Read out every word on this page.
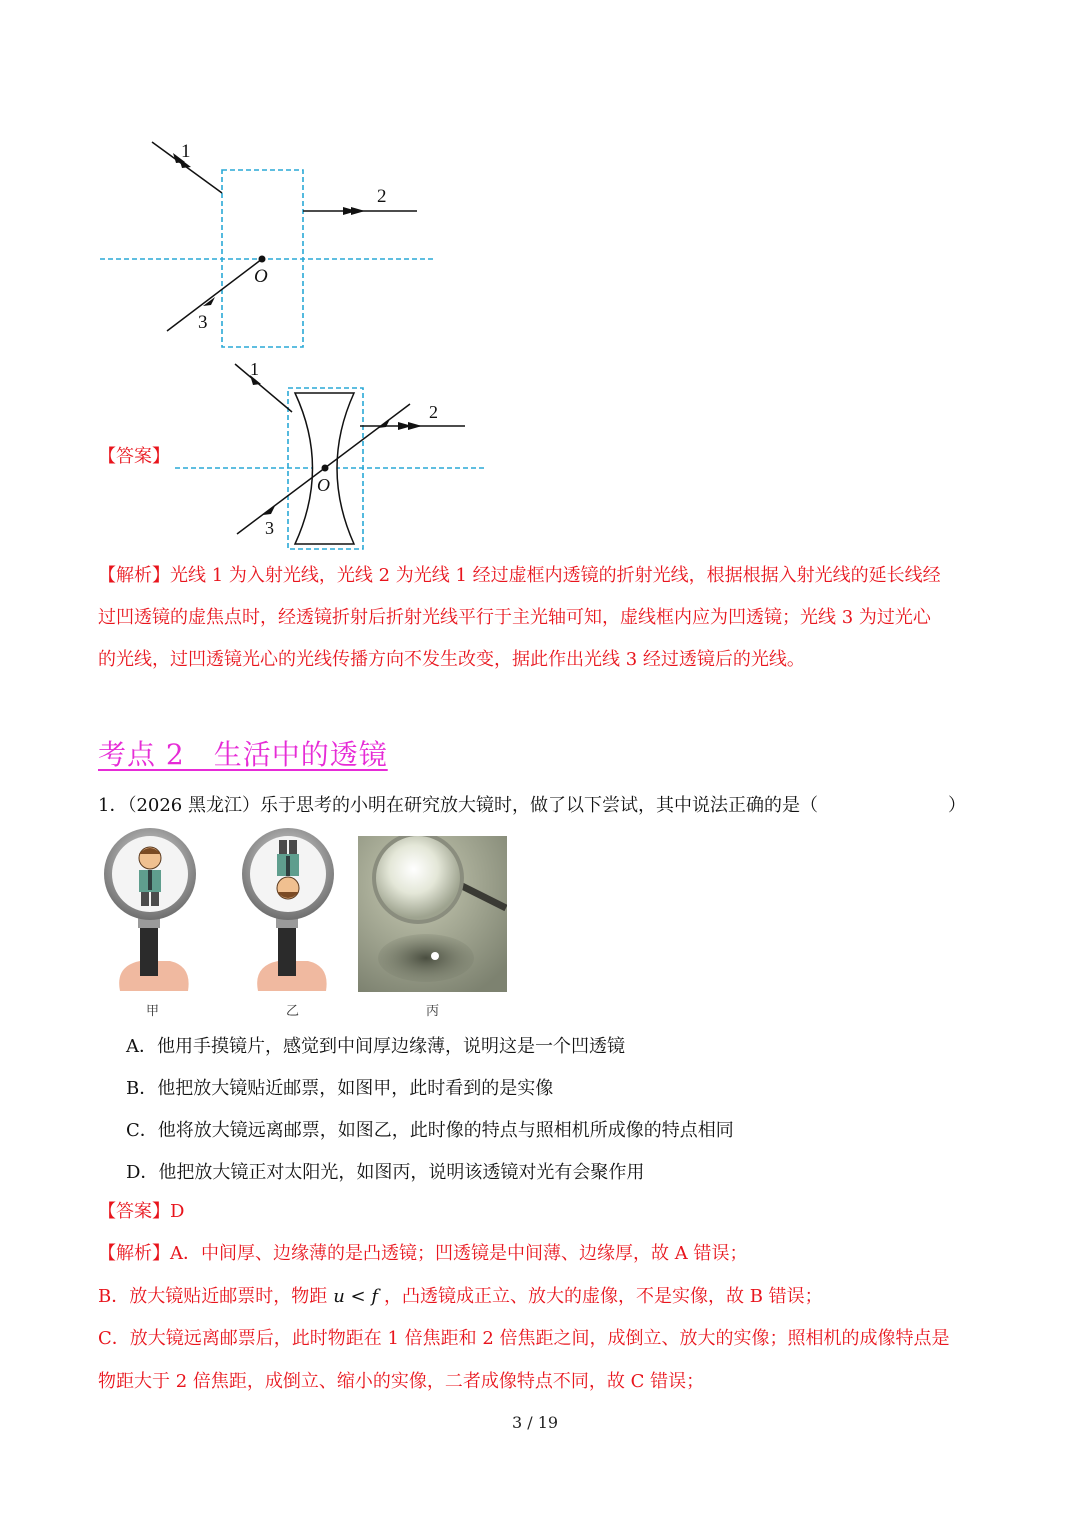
1
2
3
O
【答案】
1
2
3
O
【解析】光线 1 为入射光线，光线 2 为光线 1 经过虚框内透镜的折射光线，根据根据入射光线的延长线经
过凹透镜的虚焦点时，经透镜折射后折射光线平行于主光轴可知，虚线框内应为凹透镜；光线 3 为过光心
的光线，过凹透镜光心的光线传播方向不发生改变，据此作出光线 3 经过透镜后的光线。
考点 2　生活中的透镜
1．（2026 黑龙江）乐于思考的小明在研究放大镜时，做了以下尝试，其中说法正确的是（	）
甲	乙	丙
A．他用手摸镜片，感觉到中间厚边缘薄，说明这是一个凹透镜
B．他把放大镜贴近邮票，如图甲，此时看到的是实像
C．他将放大镜远离邮票，如图乙，此时像的特点与照相机所成像的特点相同
D．他把放大镜正对太阳光，如图丙，说明该透镜对光有会聚作用
【答案】D
【解析】A．中间厚、边缘薄的是凸透镜；凹透镜是中间薄、边缘厚，故 A 错误；
B．放大镜贴近邮票时，物距 u < f ，凸透镜成正立、放大的虚像，不是实像，故 B 错误；
C．放大镜远离邮票后，此时物距在 1 倍焦距和 2 倍焦距之间，成倒立、放大的实像；照相机的成像特点是
物距大于 2 倍焦距，成倒立、缩小的实像，二者成像特点不同，故 C 错误；
3 / 19
